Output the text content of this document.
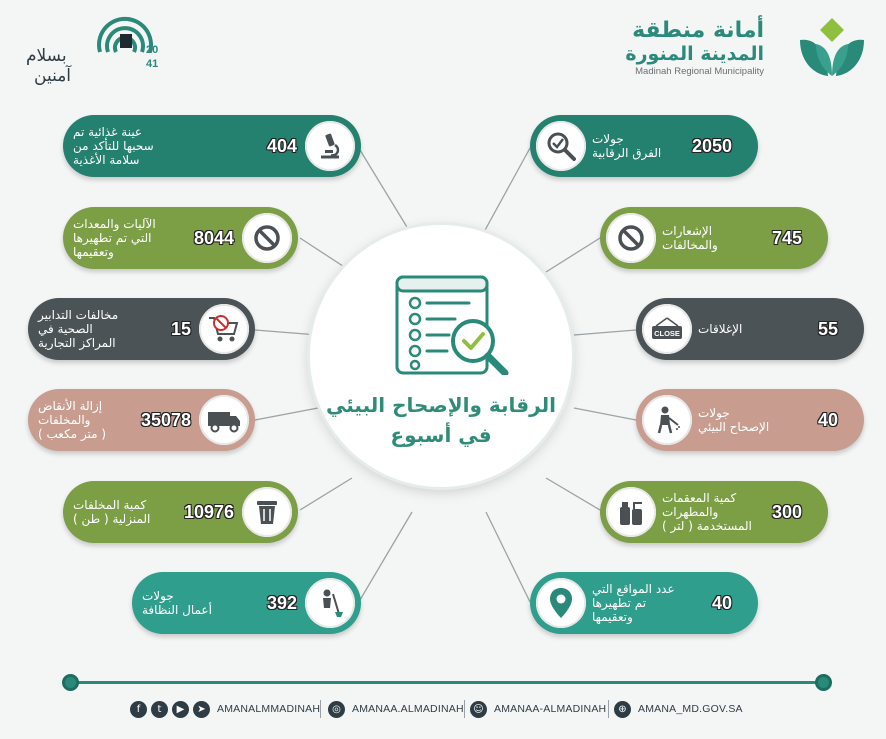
أمانة منطقة
المدينة المنورة
Madinah Regional Municipality
بسلام
آمنين
20
41
الرقابة والإصحاح البيئي
في أسبوع
عينة غذائية تم
سحبها للتأكد من
سلامة الأغذية
404
الآليات والمعدات
التي تم تطهيرها
وتعقيمها
8044
مخالفات التدابير
الصحية في
المراكز التجارية
15
إزالة الأنقاض
والمخلفات
( متر مكعب )
35078
كمية المخلفات
المنزلية ( طن ) 10976
جولات
أعمال النظافة	392
جولات
الفرق الرقابية 2050
الإشعارات
والمخالفات	745
الإغلاقات	55
CLOSE
جولات
الإصحاح البيئي	40
كمية المعقمات
والمطهرات
المستخدمة ( لتر )
300
عدد المواقع التي
تم تطهيرها
وتعقيمها
40
f	t	▶	➤	AMANALMMADINAH	◎	AMANAA.ALMADINAH ☺ AMANAA-ALMADINAH	⊕	AMANA_MD.GOV.SA
